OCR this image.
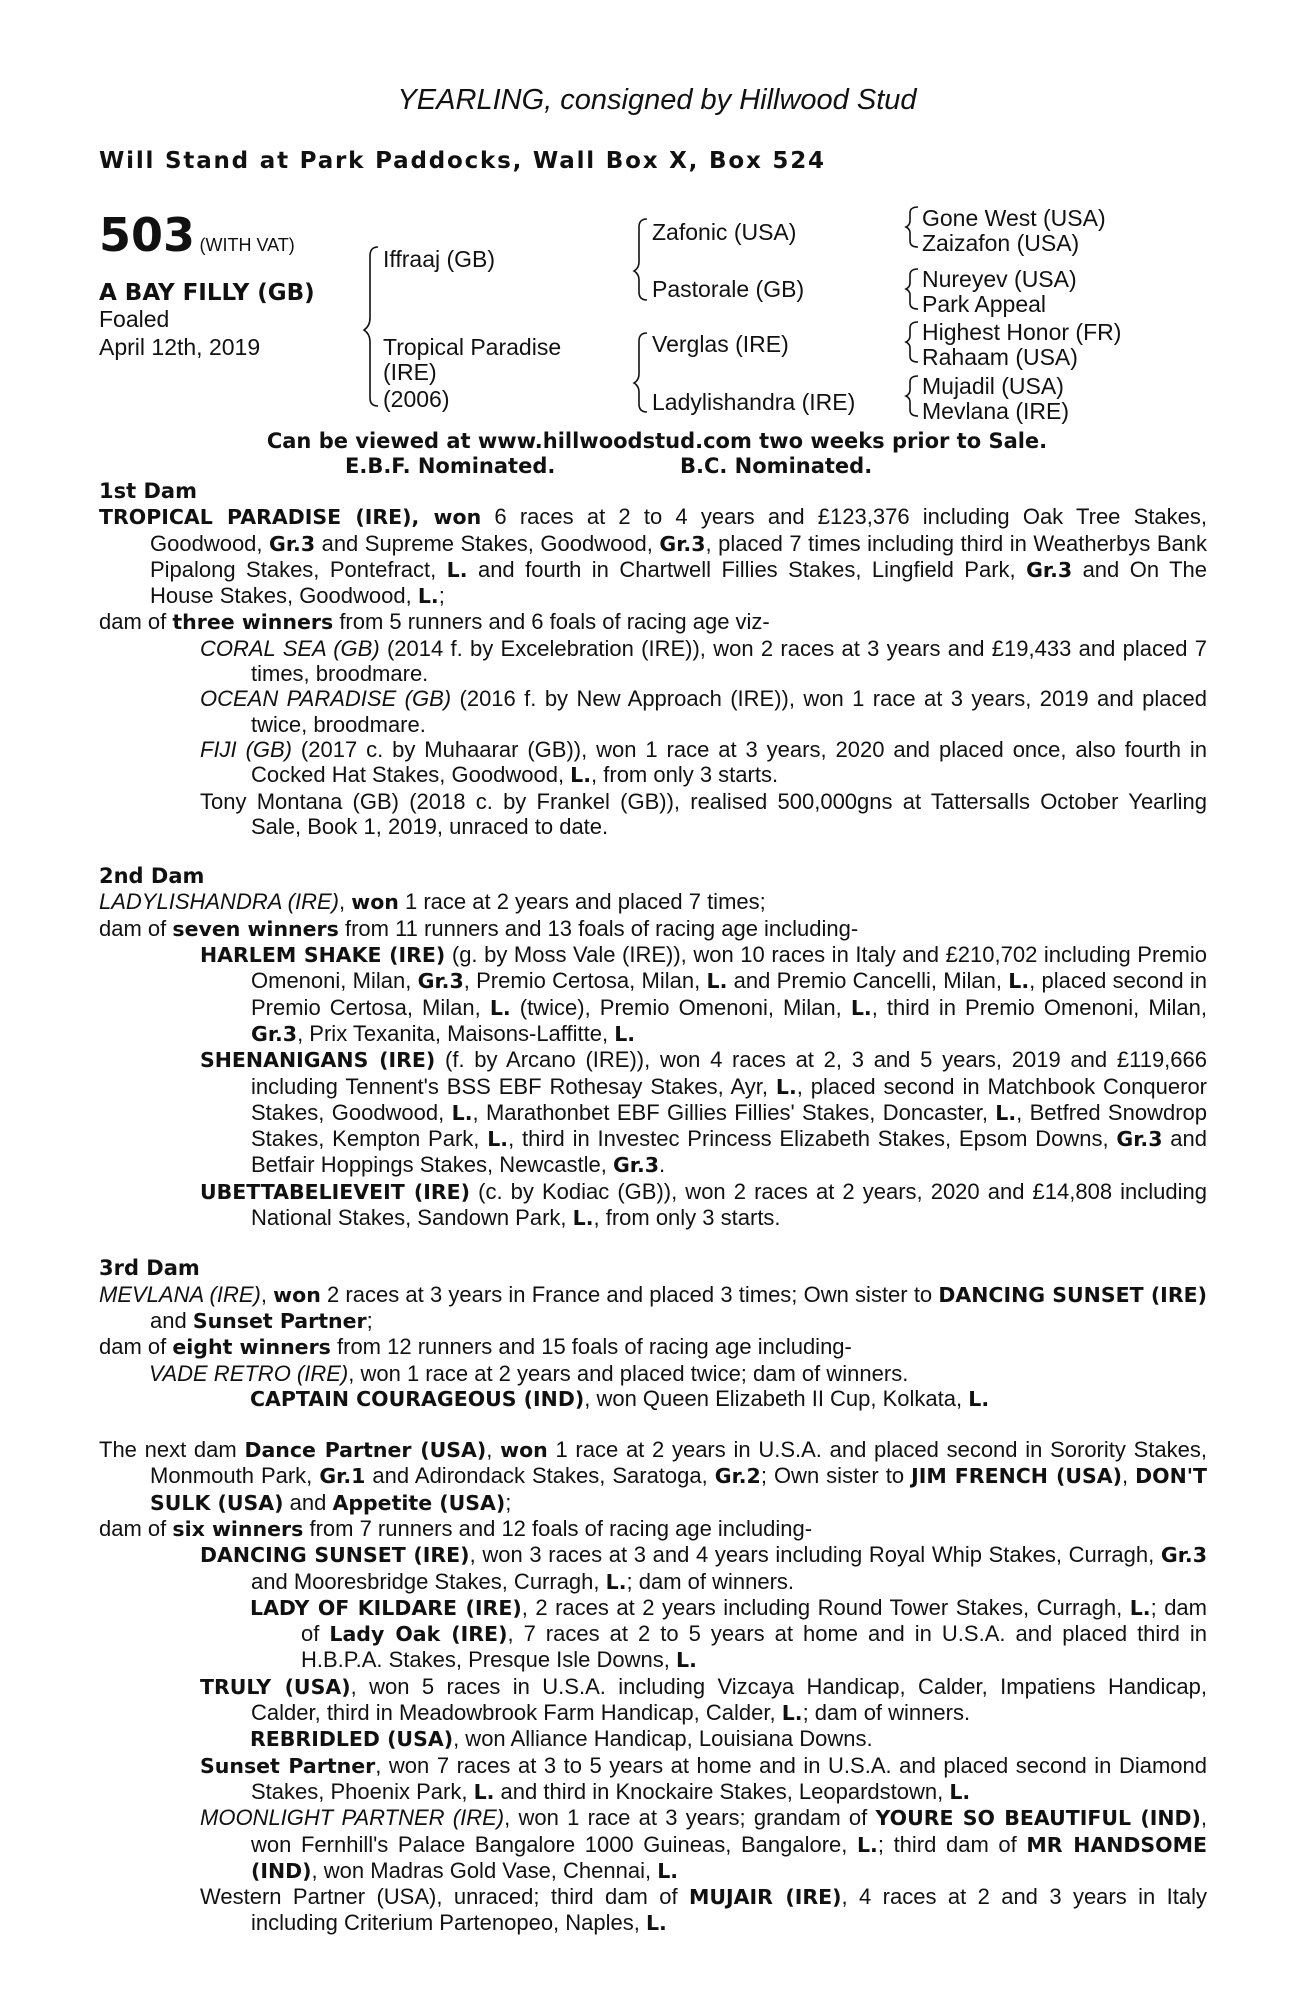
YEARLING, consigned by Hillwood Stud
Will Stand at Park Paddocks, Wall Box X, Box 524
503 (WITH VAT)
A BAY FILLY (GB)
Foaled
April 12th, 2019
Iffraaj (GB)
Tropical Paradise
(IRE)
(2006)
Zafonic (USA)
Pastorale (GB)
Verglas (IRE)
Ladylishandra (IRE)
Gone West (USA)
Zaizafon (USA)
Nureyev (USA)
Park Appeal
Highest Honor (FR)
Rahaam (USA)
Mujadil (USA)
Mevlana (IRE)
Can be viewed at www.hillwoodstud.com two weeks prior to Sale.
E.B.F. Nominated.	B.C. Nominated.

1st Dam

TROPICAL PARADISE (IRE), won 6 races at 2 to 4 years and £123,376 including Oak Tree Stakes, Goodwood, Gr.3 and Supreme Stakes, Goodwood, Gr.3, placed 7 times including third in Weatherbys Bank Pipalong Stakes, Pontefract, L. and fourth in Chartwell Fillies Stakes, Lingfield Park, Gr.3 and On The House Stakes, Goodwood, L.;

dam of three winners from 5 runners and 6 foals of racing age viz-

CORAL SEA (GB) (2014 f. by Excelebration (IRE)), won 2 races at 3 years and £19,433 and placed 7 times, broodmare.

OCEAN PARADISE (GB) (2016 f. by New Approach (IRE)), won 1 race at 3 years, 2019 and placed twice, broodmare.

FIJI (GB) (2017 c. by Muhaarar (GB)), won 1 race at 3 years, 2020 and placed once, also fourth in Cocked Hat Stakes, Goodwood, L., from only 3 starts.

Tony Montana (GB) (2018 c. by Frankel (GB)), realised 500,000gns at Tattersalls October Yearling Sale, Book 1, 2019, unraced to date.

2nd Dam

LADYLISHANDRA (IRE), won 1 race at 2 years and placed 7 times;

dam of seven winners from 11 runners and 13 foals of racing age including-

HARLEM SHAKE (IRE) (g. by Moss Vale (IRE)), won 10 races in Italy and £210,702 including Premio Omenoni, Milan, Gr.3, Premio Certosa, Milan, L. and Premio Cancelli, Milan, L., placed second in Premio Certosa, Milan, L. (twice), Premio Omenoni, Milan, L., third in Premio Omenoni, Milan, Gr.3, Prix Texanita, Maisons-Laffitte, L.

SHENANIGANS (IRE) (f. by Arcano (IRE)), won 4 races at 2, 3 and 5 years, 2019 and £119,666 including Tennent's BSS EBF Rothesay Stakes, Ayr, L., placed second in Matchbook Conqueror Stakes, Goodwood, L., Marathonbet EBF Gillies Fillies' Stakes, Doncaster, L., Betfred Snowdrop Stakes, Kempton Park, L., third in Investec Princess Elizabeth Stakes, Epsom Downs, Gr.3 and Betfair Hoppings Stakes, Newcastle, Gr.3.

UBETTABELIEVEIT (IRE) (c. by Kodiac (GB)), won 2 races at 2 years, 2020 and £14,808 including National Stakes, Sandown Park, L., from only 3 starts.

3rd Dam

MEVLANA (IRE), won 2 races at 3 years in France and placed 3 times; Own sister to DANCING SUNSET (IRE) and Sunset Partner;

dam of eight winners from 12 runners and 15 foals of racing age including-

VADE RETRO (IRE), won 1 race at 2 years and placed twice; dam of winners.

CAPTAIN COURAGEOUS (IND), won Queen Elizabeth II Cup, Kolkata, L.

The next dam Dance Partner (USA), won 1 race at 2 years in U.S.A. and placed second in Sorority Stakes, Monmouth Park, Gr.1 and Adirondack Stakes, Saratoga, Gr.2; Own sister to JIM FRENCH (USA), DON'T SULK (USA) and Appetite (USA);

dam of six winners from 7 runners and 12 foals of racing age including-

DANCING SUNSET (IRE), won 3 races at 3 and 4 years including Royal Whip Stakes, Curragh, Gr.3 and Mooresbridge Stakes, Curragh, L.; dam of winners.

LADY OF KILDARE (IRE), 2 races at 2 years including Round Tower Stakes, Curragh, L.; dam of Lady Oak (IRE), 7 races at 2 to 5 years at home and in U.S.A. and placed third in H.B.P.A. Stakes, Presque Isle Downs, L.

TRULY (USA), won 5 races in U.S.A. including Vizcaya Handicap, Calder, Impatiens Handicap, Calder, third in Meadowbrook Farm Handicap, Calder, L.; dam of winners.

REBRIDLED (USA), won Alliance Handicap, Louisiana Downs.

Sunset Partner, won 7 races at 3 to 5 years at home and in U.S.A. and placed second in Diamond Stakes, Phoenix Park, L. and third in Knockaire Stakes, Leopardstown, L.

MOONLIGHT PARTNER (IRE), won 1 race at 3 years; grandam of YOURE SO BEAUTIFUL (IND), won Fernhill's Palace Bangalore 1000 Guineas, Bangalore, L.; third dam of MR HANDSOME (IND), won Madras Gold Vase, Chennai, L.

Western Partner (USA), unraced; third dam of MUJAIR (IRE), 4 races at 2 and 3 years in Italy including Criterium Partenopeo, Naples, L.
